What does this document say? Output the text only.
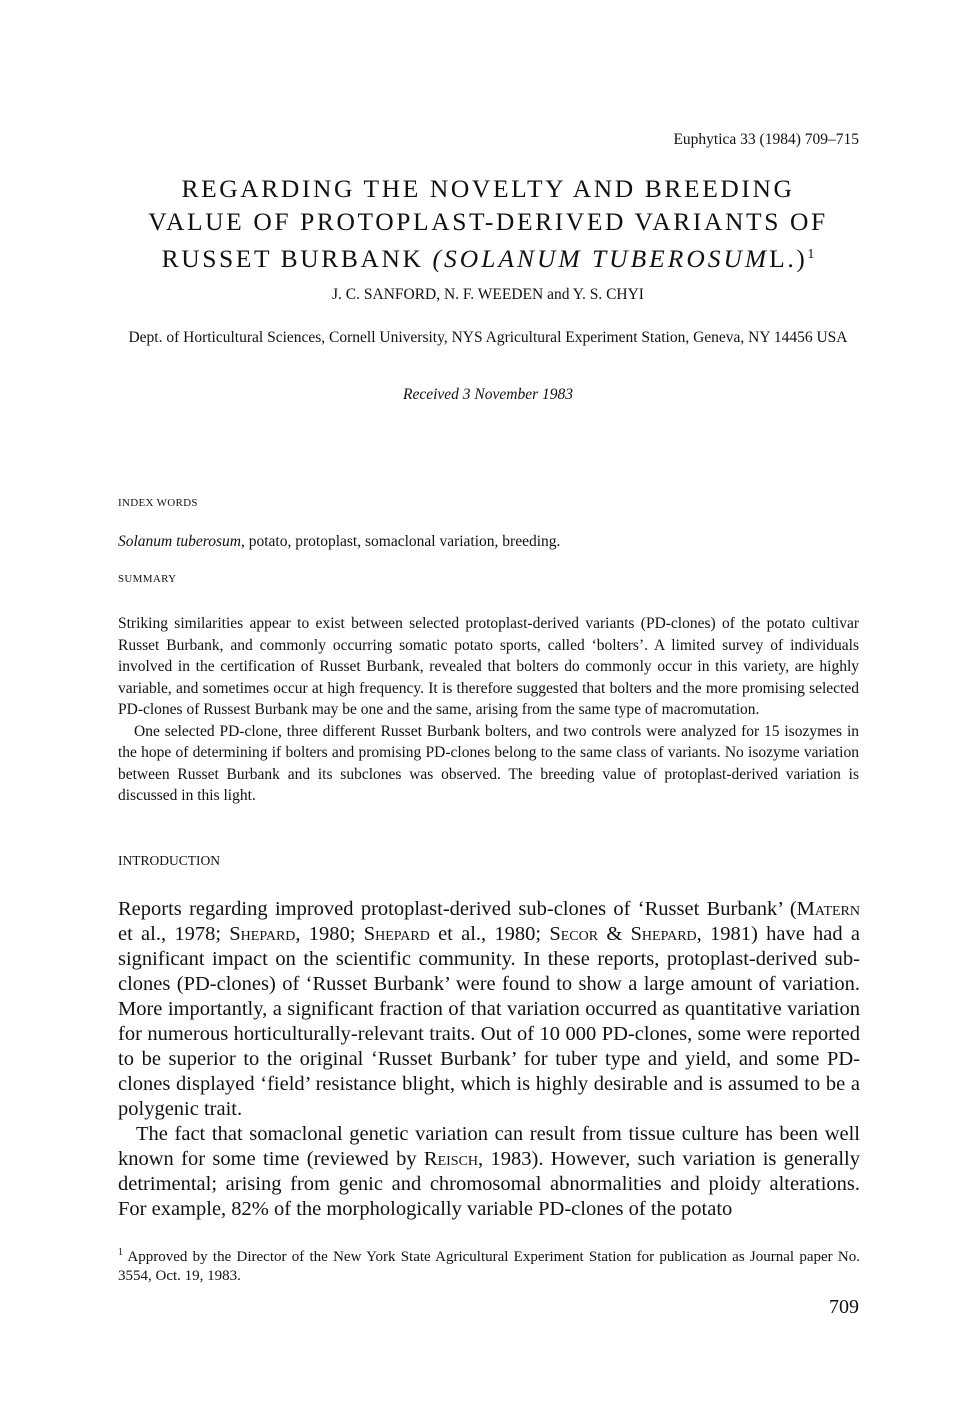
Euphytica 33 (1984) 709–715
REGARDING THE NOVELTY AND BREEDING
VALUE OF PROTOPLAST-DERIVED VARIANTS OF
RUSSET BURBANK (SOLANUM TUBEROSUML.)$^1$
J. C. SANFORD, N. F. WEEDEN and Y. S. CHYI
Dept. of Horticultural Sciences, Cornell University, NYS Agricultural Experiment Station, Geneva, NY 14456 USA
Received 3 November 1983
INDEX WORDS
Solanum tuberosum, potato, protoplast, somaclonal variation, breeding.
SUMMARY

Striking similarities appear to exist between selected protoplast-derived variants (PD-clones) of the potato cultivar Russet Burbank, and commonly occurring somatic potato sports, called ‘bolters’. A limited survey of individuals involved in the certification of Russet Burbank, revealed that bolters do commonly occur in this variety, are highly variable, and sometimes occur at high frequency. It is therefore suggested that bolters and the more promising selected PD-clones of Russest Burbank may be one and the same, arising from the same type of macromutation.

One selected PD-clone, three different Russet Burbank bolters, and two controls were analyzed for 15 isozymes in the hope of determining if bolters and promising PD-clones belong to the same class of variants. No isozyme variation between Russet Burbank and its subclones was observed. The breeding value of protoplast-derived variation is discussed in this light.

INTRODUCTION

Reports regarding improved protoplast-derived sub-clones of ‘Russet Burbank’ (Matern et al., 1978; Shepard, 1980; Shepard et al., 1980; Secor & Shepard, 1981) have had a significant impact on the scientific community. In these reports, protoplast-derived sub-clones (PD-clones) of ‘Russet Burbank’ were found to show a large amount of variation. More importantly, a significant fraction of that variation occurred as quantitative variation for numerous horticulturally-relevant traits. Out of 10 000 PD-clones, some were reported to be superior to the original ‘Russet Burbank’ for tuber type and yield, and some PD-clones displayed ‘field’ resistance blight, which is highly desirable and is assumed to be a polygenic trait.

The fact that somaclonal genetic variation can result from tissue culture has been well known for some time (reviewed by Reisch, 1983). However, such variation is generally detrimental; arising from genic and chromosomal abnormalities and ploidy alterations. For example, 82% of the morphologically variable PD-clones of the potato

$^1$ Approved by the Director of the New York State Agricultural Experiment Station for publication as Journal paper No. 3554, Oct. 19, 1983.
709
